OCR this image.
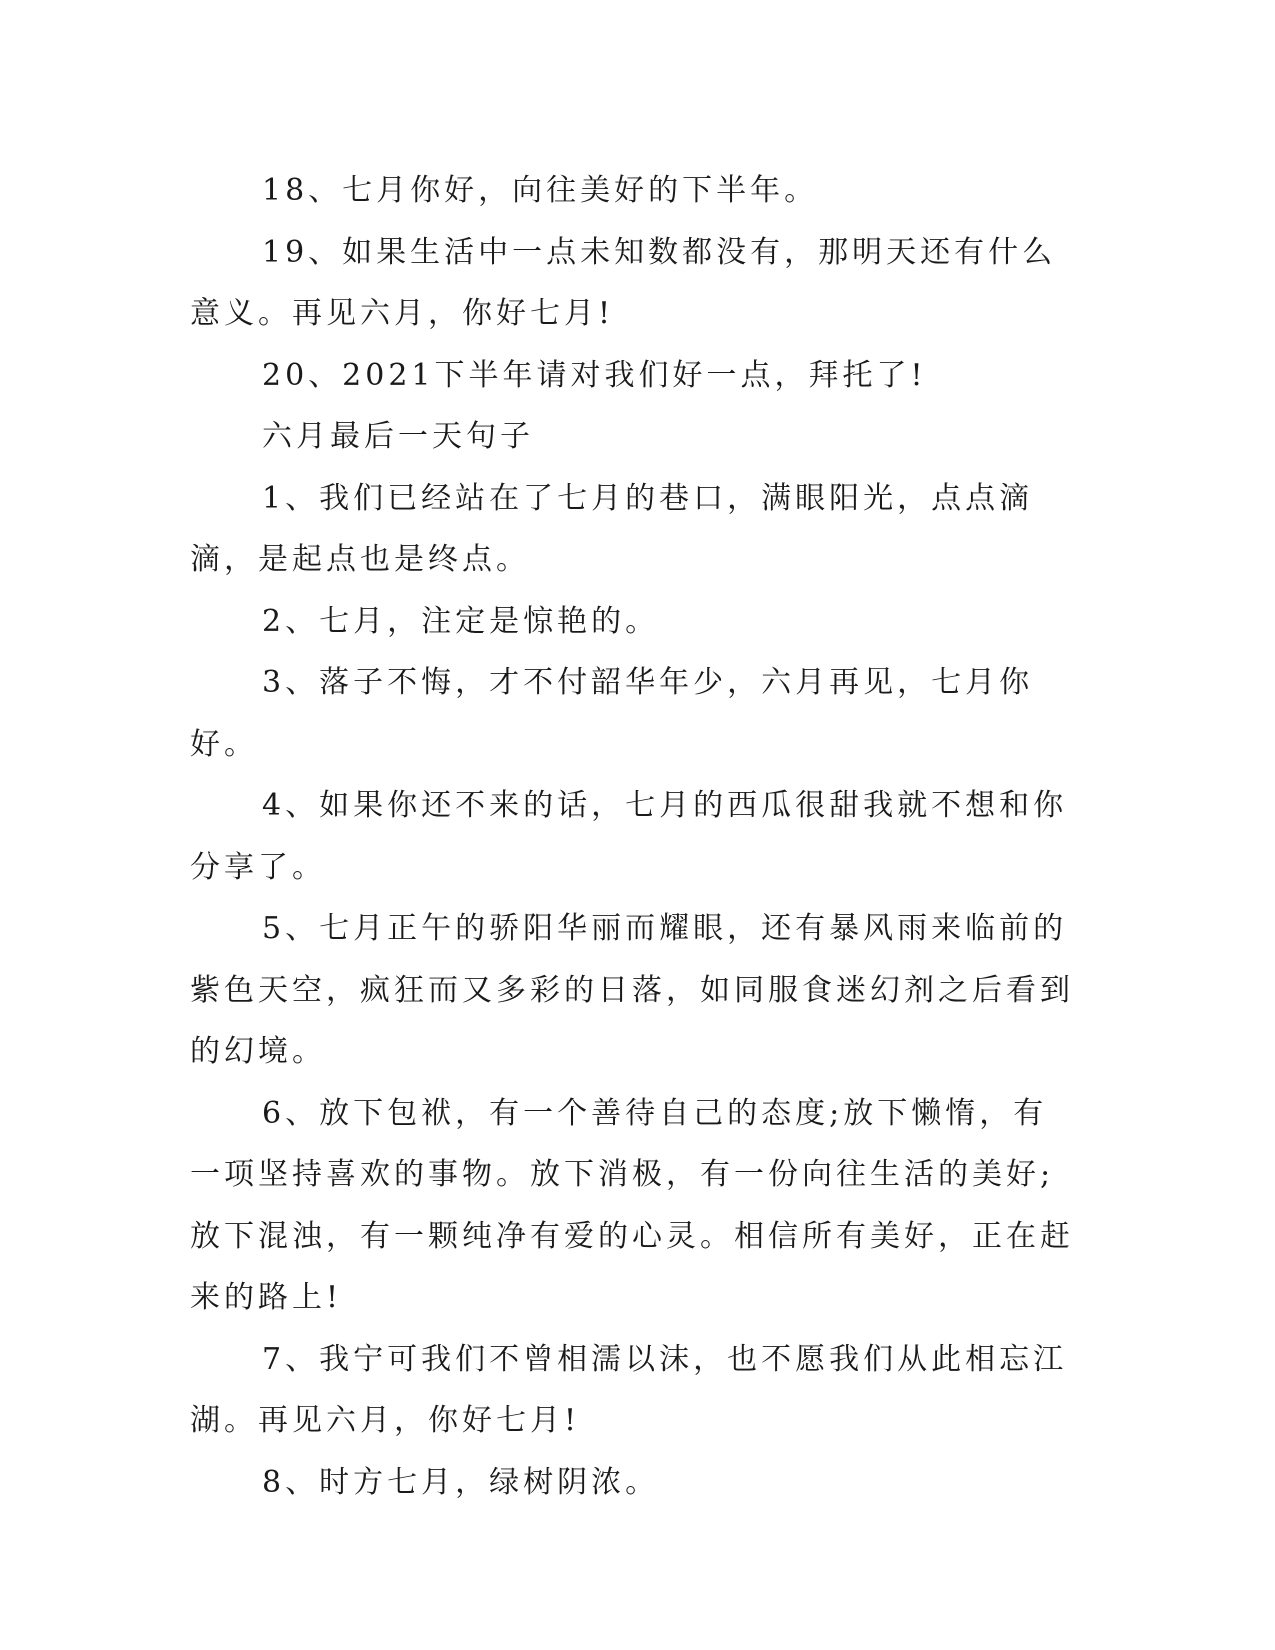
18、七月你好，向往美好的下半年。

19、如果生活中一点未知数都没有，那明天还有什么意义。再见六月，你好七月!

20、2021下半年请对我们好一点，拜托了!

六月最后一天句子

1、我们已经站在了七月的巷口，满眼阳光，点点滴滴，是起点也是终点。

2、七月，注定是惊艳的。

3、落子不悔，才不付韶华年少，六月再见，七月你好。

4、如果你还不来的话，七月的西瓜很甜我就不想和你分享了。

5、七月正午的骄阳华丽而耀眼，还有暴风雨来临前的紫色天空，疯狂而又多彩的日落，如同服食迷幻剂之后看到的幻境。

6、放下包袱，有一个善待自己的态度;放下懒惰，有一项坚持喜欢的事物。放下消极，有一份向往生活的美好;放下混浊，有一颗纯净有爱的心灵。相信所有美好，正在赶来的路上!

7、我宁可我们不曾相濡以沫，也不愿我们从此相忘江湖。再见六月，你好七月!

8、时方七月，绿树阴浓。
